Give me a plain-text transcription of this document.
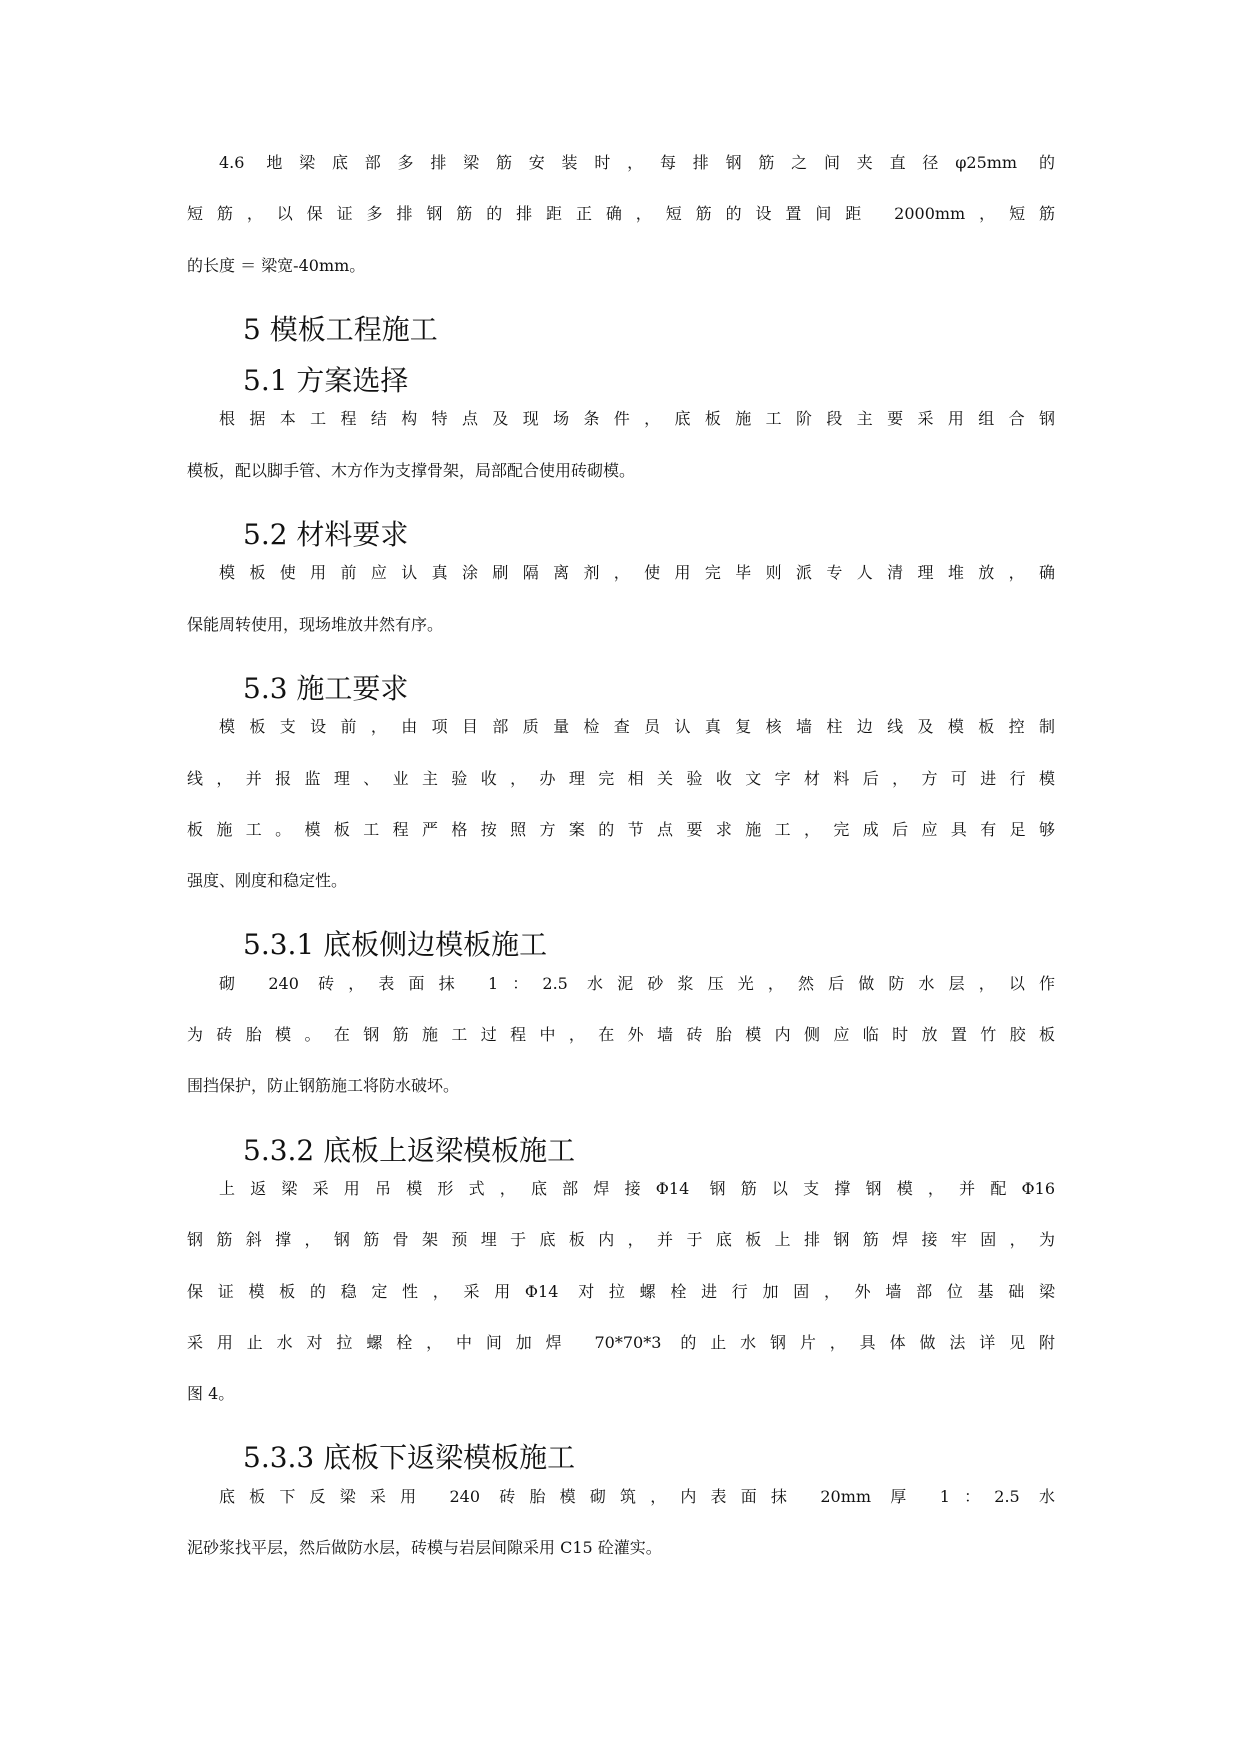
4.6 地梁底部多排梁筋安装时，每排钢筋之间夹直径φ25mm 的
短筋，以保证多排钢筋的排距正确，短筋的设置间距 2000mm，短筋
的长度 ＝ 梁宽-40mm。
5 模板工程施工
5.1 方案选择
根据本工程结构特点及现场条件，底板施工阶段主要采用组合钢
模板，配以脚手管、木方作为支撑骨架，局部配合使用砖砌模。
5.2 材料要求
模板使用前应认真涂刷隔离剂，使用完毕则派专人清理堆放，确
保能周转使用，现场堆放井然有序。
5.3 施工要求
模板支设前，由项目部质量检查员认真复核墙柱边线及模板控制
线，并报监理、业主验收，办理完相关验收文字材料后，方可进行模
板施工。模板工程严格按照方案的节点要求施工，完成后应具有足够
强度、刚度和稳定性。
5.3.1 底板侧边模板施工
砌 240 砖，表面抹 1：2.5 水泥砂浆压光，然后做防水层，以作
为砖胎模。在钢筋施工过程中，在外墙砖胎模内侧应临时放置竹胶板
围挡保护，防止钢筋施工将防水破坏。
5.3.2 底板上返梁模板施工
上返梁采用吊模形式，底部焊接Φ14 钢筋以支撑钢模，并配Φ16
钢筋斜撑，钢筋骨架预埋于底板内，并于底板上排钢筋焊接牢固，为
保证模板的稳定性，采用Φ14 对拉螺栓进行加固，外墙部位基础梁
采用止水对拉螺栓，中间加焊 70*70*3 的止水钢片，具体做法详见附
图 4。
5.3.3 底板下返梁模板施工
底板下反梁采用 240 砖胎模砌筑，内表面抹 20mm 厚 1：2.5 水
泥砂浆找平层，然后做防水层，砖模与岩层间隙采用 C15 砼灌实。
